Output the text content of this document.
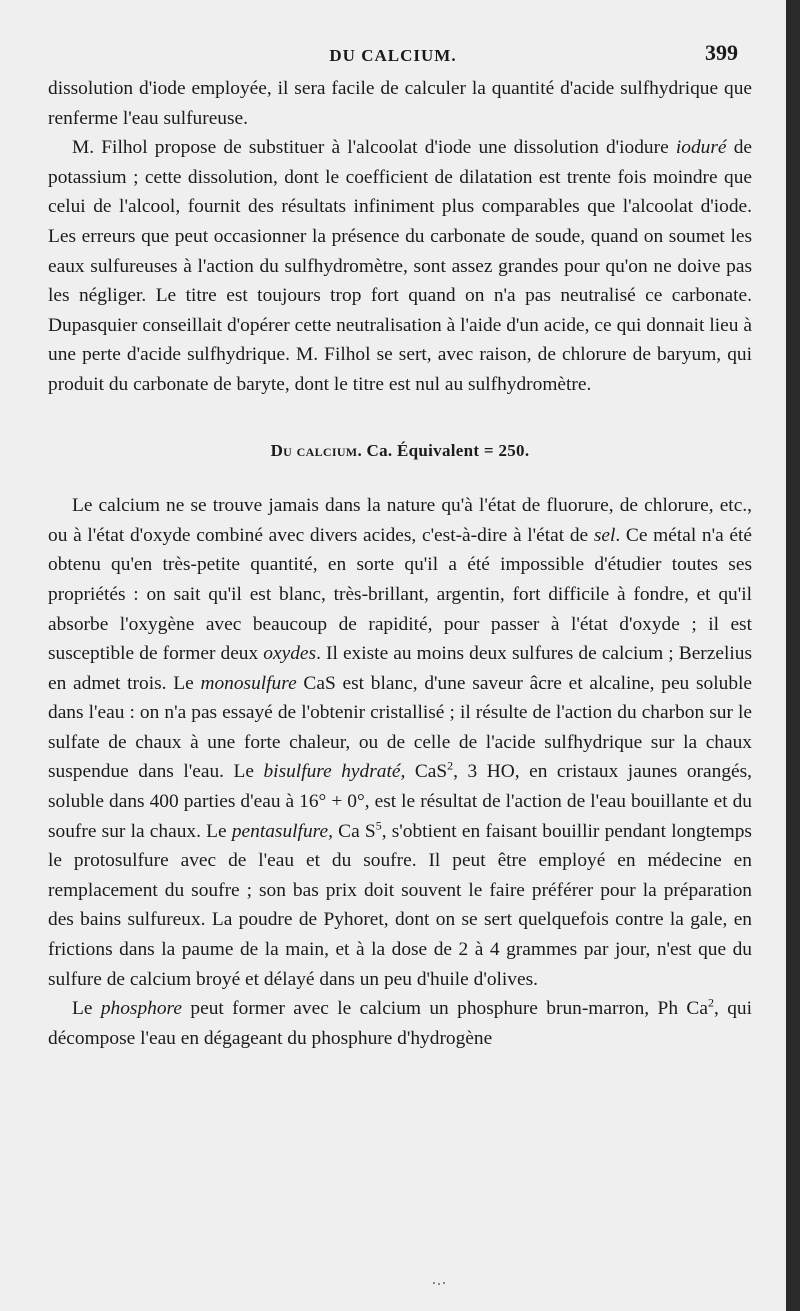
DU CALCIUM.	399

dissolution d'iode employée, il sera facile de calculer la quantité d'acide sulfhydrique que renferme l'eau sulfureuse.

M. Filhol propose de substituer à l'alcoolat d'iode une dissolution d'iodure ioduré de potassium ; cette dissolution, dont le coefficient de dilatation est trente fois moindre que celui de l'alcool, fournit des résultats infiniment plus comparables que l'alcoolat d'iode. Les erreurs que peut occasionner la présence du carbonate de soude, quand on soumet les eaux sulfureuses à l'action du sulfhydromètre, sont assez grandes pour qu'on ne doive pas les négliger. Le titre est toujours trop fort quand on n'a pas neutralisé ce carbonate. Dupasquier conseillait d'opérer cette neutralisation à l'aide d'un acide, ce qui donnait lieu à une perte d'acide sulfhydrique. M. Filhol se sert, avec raison, de chlorure de baryum, qui produit du carbonate de baryte, dont le titre est nul au sulfhydromètre.

Du calcium. Ca. Équivalent = 250.

Le calcium ne se trouve jamais dans la nature qu'à l'état de fluorure, de chlorure, etc., ou à l'état d'oxyde combiné avec divers acides, c'est-à-dire à l'état de sel. Ce métal n'a été obtenu qu'en très-petite quantité, en sorte qu'il a été impossible d'étudier toutes ses propriétés : on sait qu'il est blanc, très-brillant, argentin, fort difficile à fondre, et qu'il absorbe l'oxygène avec beaucoup de rapidité, pour passer à l'état d'oxyde ; il est susceptible de former deux oxydes. Il existe au moins deux sulfures de calcium ; Berzelius en admet trois. Le monosulfure CaS est blanc, d'une saveur âcre et alcaline, peu soluble dans l'eau : on n'a pas essayé de l'obtenir cristallisé ; il résulte de l'action du charbon sur le sulfate de chaux à une forte chaleur, ou de celle de l'acide sulfhydrique sur la chaux suspendue dans l'eau. Le bisulfure hydraté, CaS$^2$, 3 HO, en cristaux jaunes orangés, soluble dans 400 parties d'eau à 16° + 0°, est le résultat de l'action de l'eau bouillante et du soufre sur la chaux. Le pentasulfure, Ca $S^5$, s'obtient en faisant bouillir pendant longtemps le protosulfure avec de l'eau et du soufre. Il peut être employé en médecine en remplacement du soufre ; son bas prix doit souvent le faire préférer pour la préparation des bains sulfureux. La poudre de Pyhoret, dont on se sert quelquefois contre la gale, en frictions dans la paume de la main, et à la dose de 2 à 4 grammes par jour, n'est que du sulfure de calcium broyé et délayé dans un peu d'huile d'olives.

Le phosphore peut former avec le calcium un phosphure brun-marron, Ph Ca$^2$, qui décompose l'eau en dégageant du phosphure d'hydrogène
